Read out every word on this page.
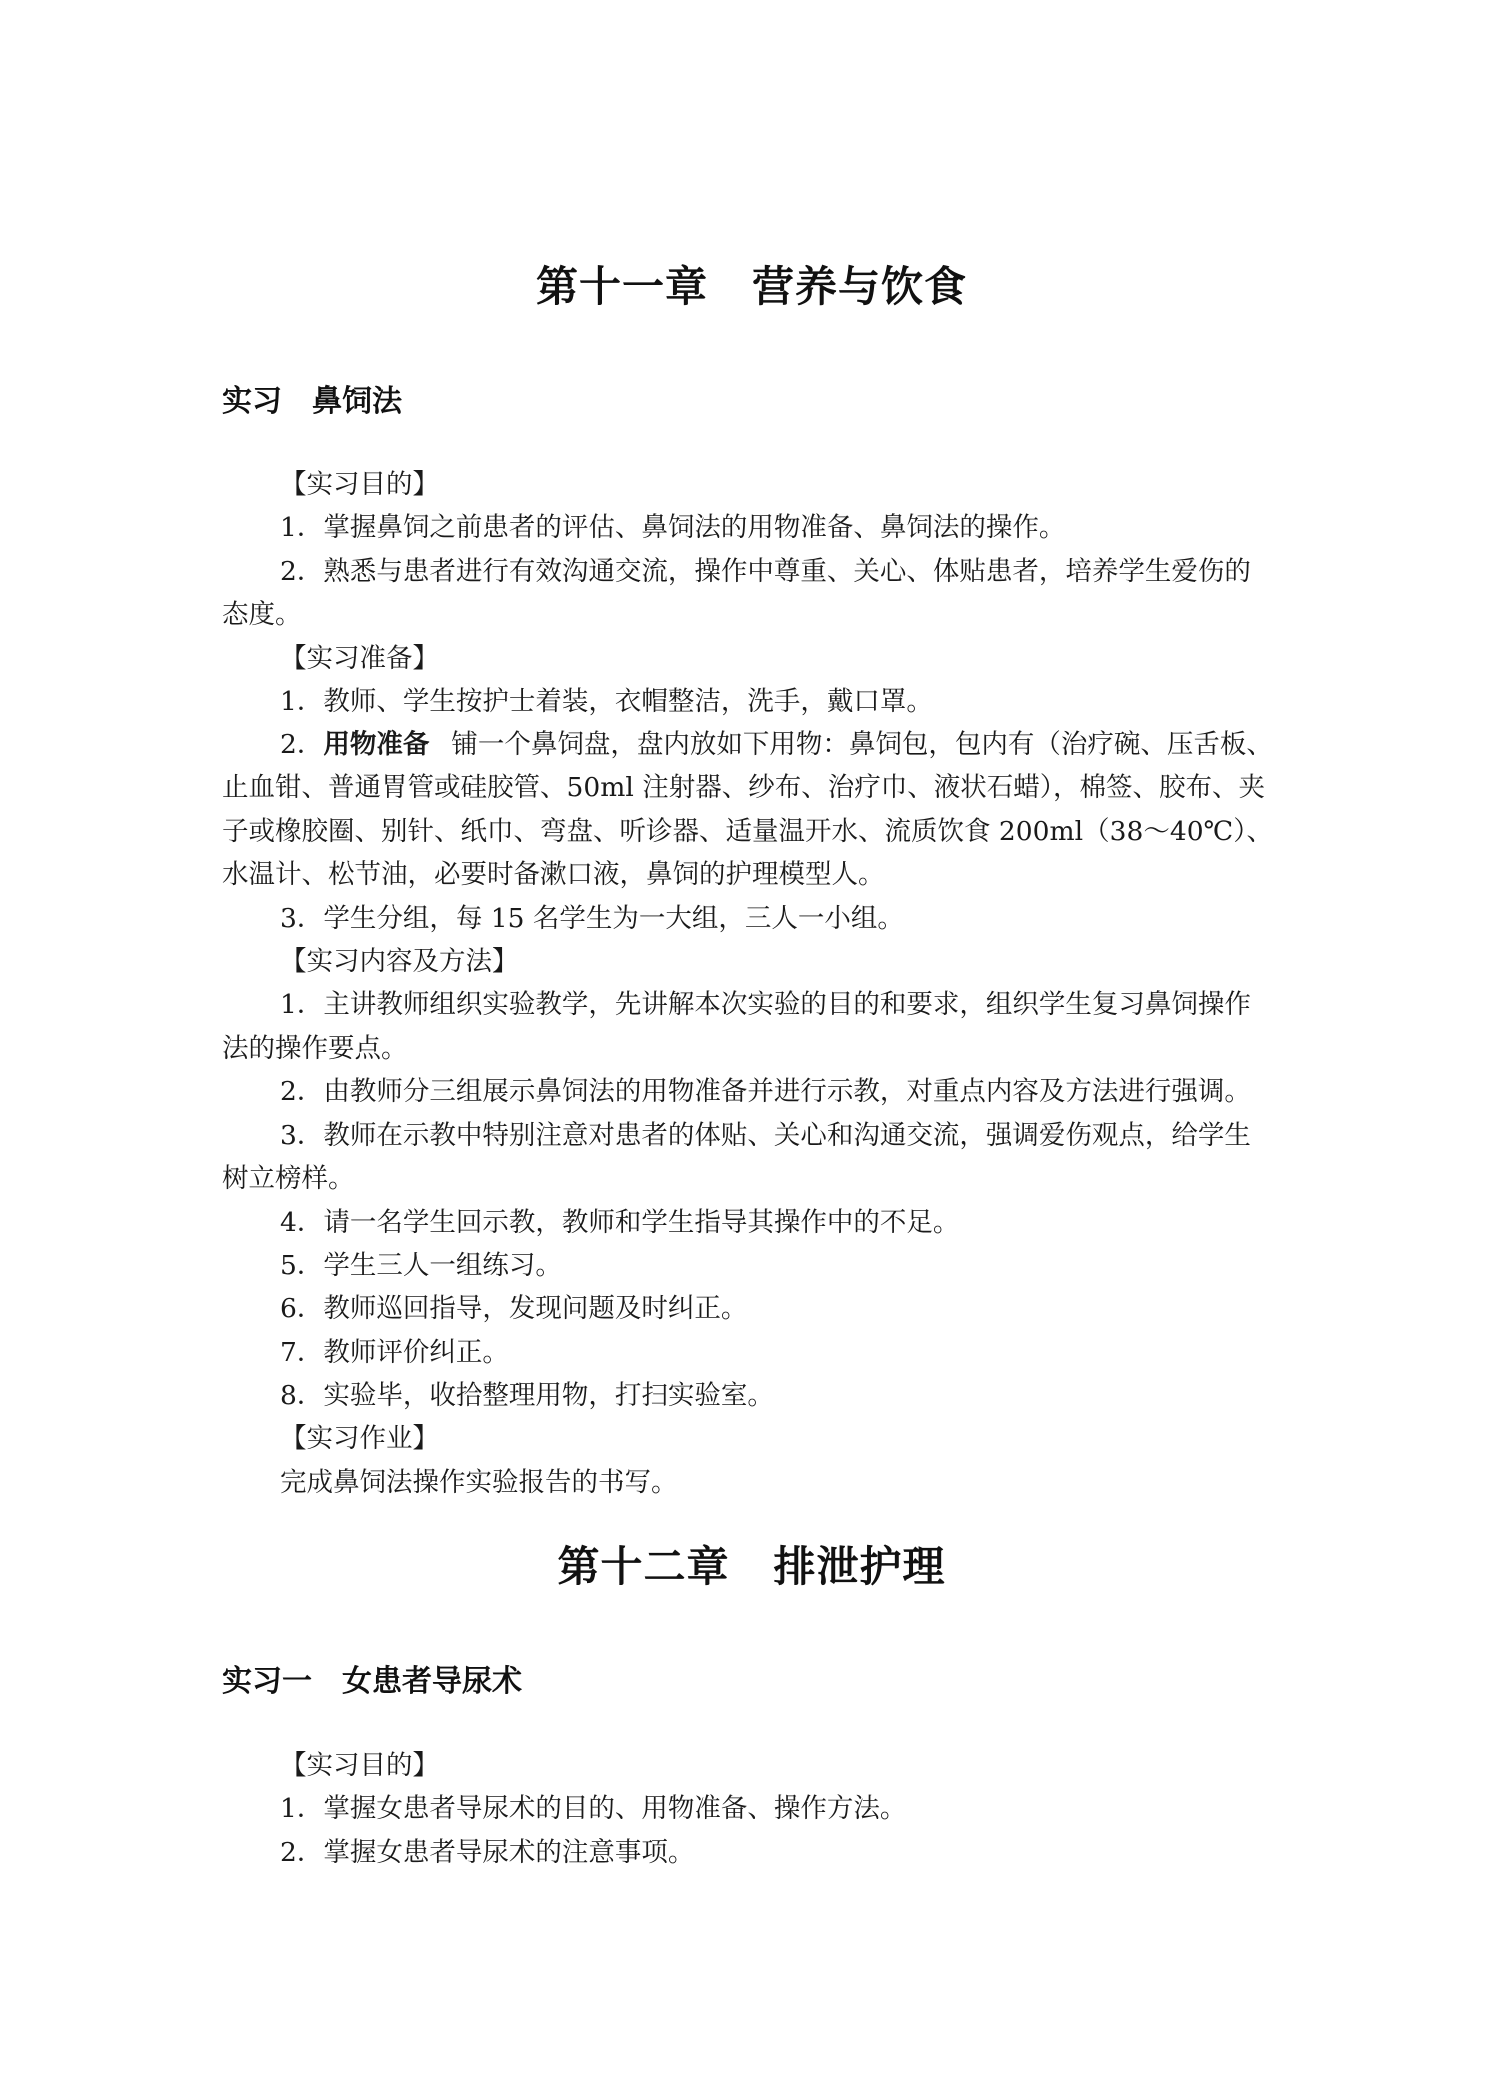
第十一章 营养与饮食
实习 鼻饲法
【实习目的】
1．掌握鼻饲之前患者的评估、鼻饲法的用物准备、鼻饲法的操作。
2．熟悉与患者进行有效沟通交流，操作中尊重、关心、体贴患者，培养学生爱伤的
态度。
【实习准备】
1．教师、学生按护士着装，衣帽整洁，洗手，戴口罩。
2．用物准备 铺一个鼻饲盘，盘内放如下用物：鼻饲包，包内有（治疗碗、压舌板、
止血钳、普通胃管或硅胶管、50ml 注射器、纱布、治疗巾、液状石蜡），棉签、胶布、夹
子或橡胶圈、别针、纸巾、弯盘、听诊器、适量温开水、流质饮食 200ml（38～40℃）、
水温计、松节油，必要时备漱口液，鼻饲的护理模型人。
3．学生分组，每 15 名学生为一大组，三人一小组。
【实习内容及方法】
1．主讲教师组织实验教学，先讲解本次实验的目的和要求，组织学生复习鼻饲操作
法的操作要点。
2．由教师分三组展示鼻饲法的用物准备并进行示教，对重点内容及方法进行强调。
3．教师在示教中特别注意对患者的体贴、关心和沟通交流，强调爱伤观点，给学生
树立榜样。
4．请一名学生回示教，教师和学生指导其操作中的不足。
5．学生三人一组练习。
6．教师巡回指导，发现问题及时纠正。
7．教师评价纠正。
8．实验毕，收拾整理用物，打扫实验室。
【实习作业】
完成鼻饲法操作实验报告的书写。
第十二章 排泄护理
实习一 女患者导尿术
【实习目的】
1．掌握女患者导尿术的目的、用物准备、操作方法。
2．掌握女患者导尿术的注意事项。
